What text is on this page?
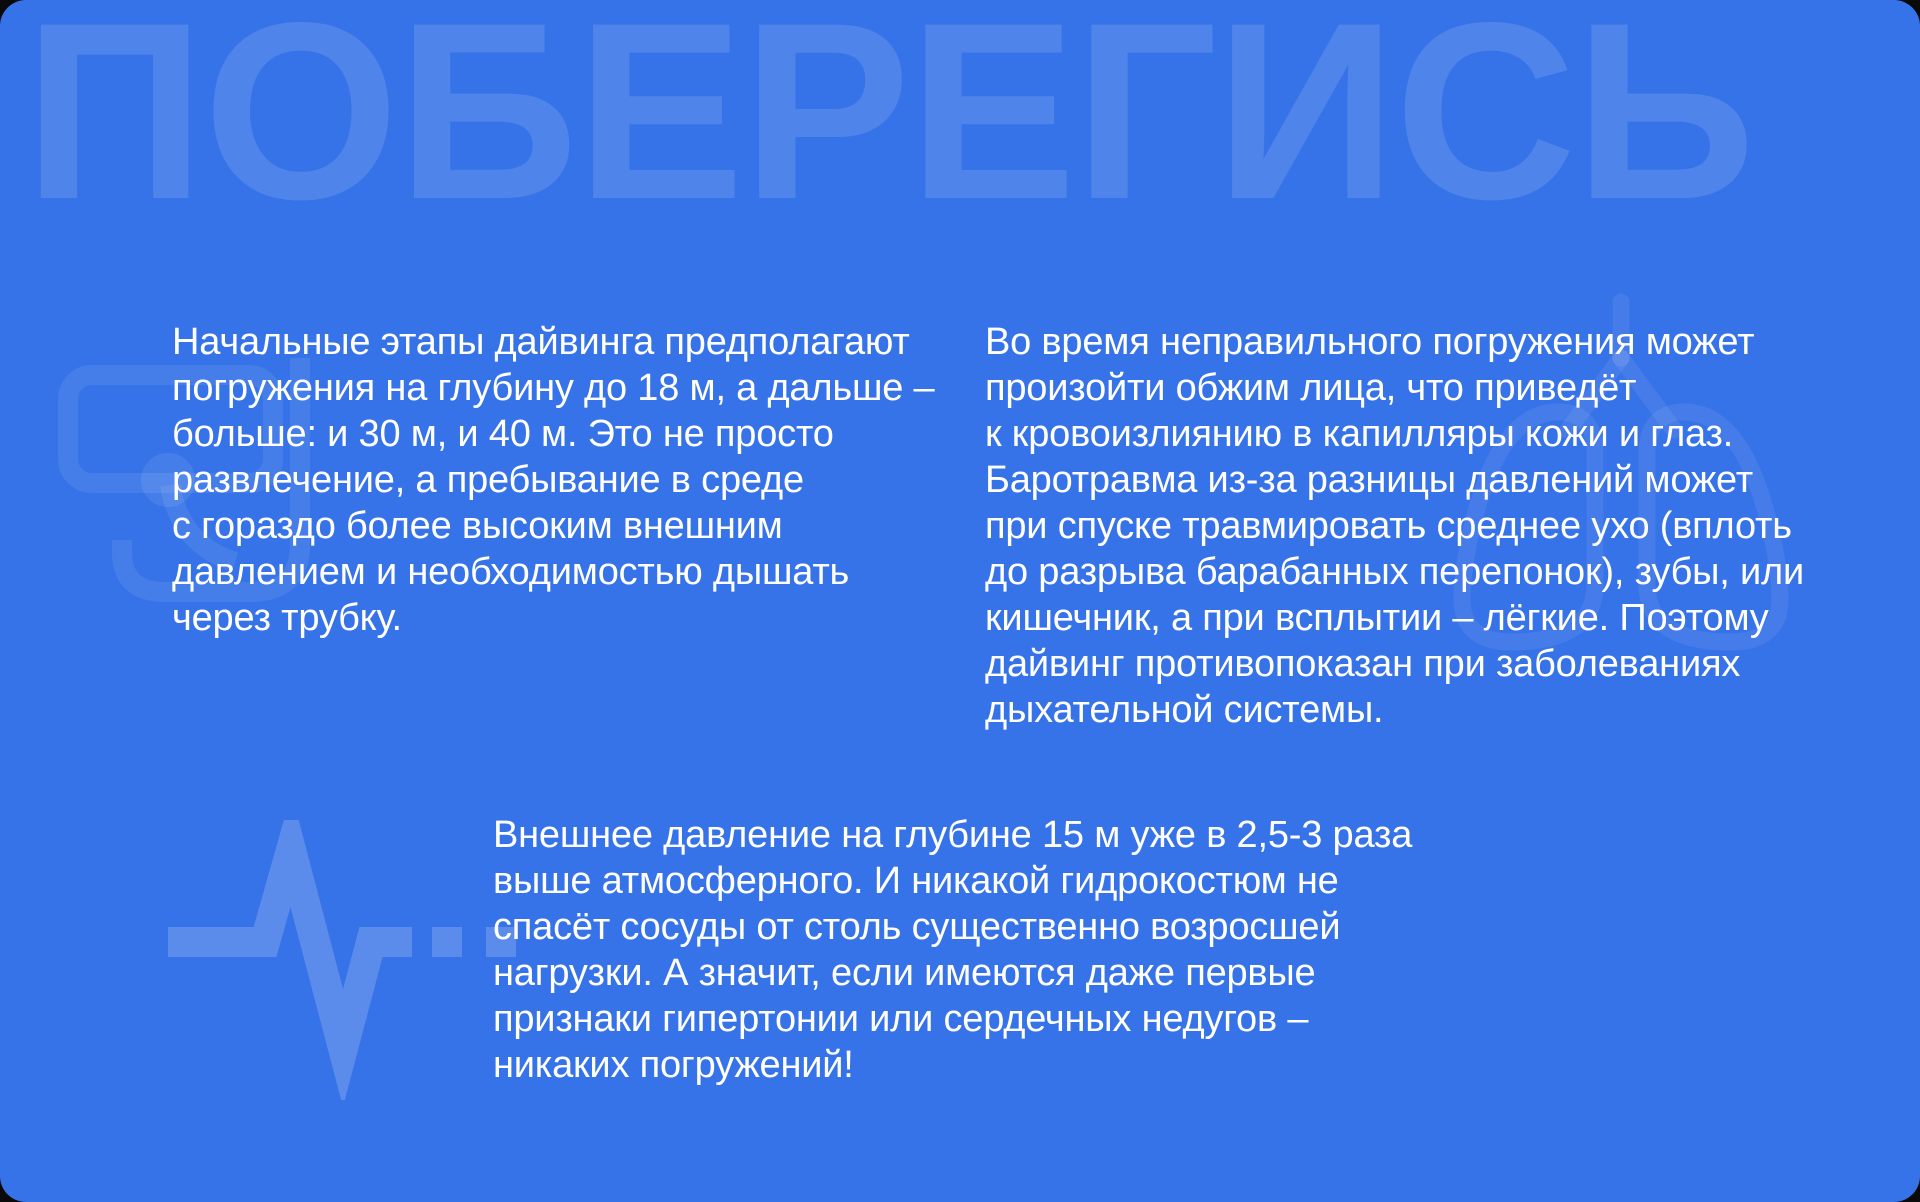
ПОБЕРЕГИСЬ
Начальные этапы дайвинга предполагают
погружения на глубину до 18 м, а дальше –
больше: и 30 м, и 40 м. Это не просто
развлечение, а пребывание в среде
с гораздо более высоким внешним
давлением и необходимостью дышать
через трубку.
Во время неправильного погружения может
произойти обжим лица, что приведёт
к кровоизлиянию в капилляры кожи и глаз.
Баротравма из-за разницы давлений может
при спуске травмировать среднее ухо (вплоть
до разрыва барабанных перепонок), зубы, или
кишечник, а при всплытии – лёгкие. Поэтому
дайвинг противопоказан при заболеваниях
дыхательной системы.
Внешнее давление на глубине 15 м уже в 2,5-3 раза
выше атмосферного. И никакой гидрокостюм не
спасёт сосуды от столь существенно возросшей
нагрузки. А значит, если имеются даже первые
признаки гипертонии или сердечных недугов –
никаких погружений!
